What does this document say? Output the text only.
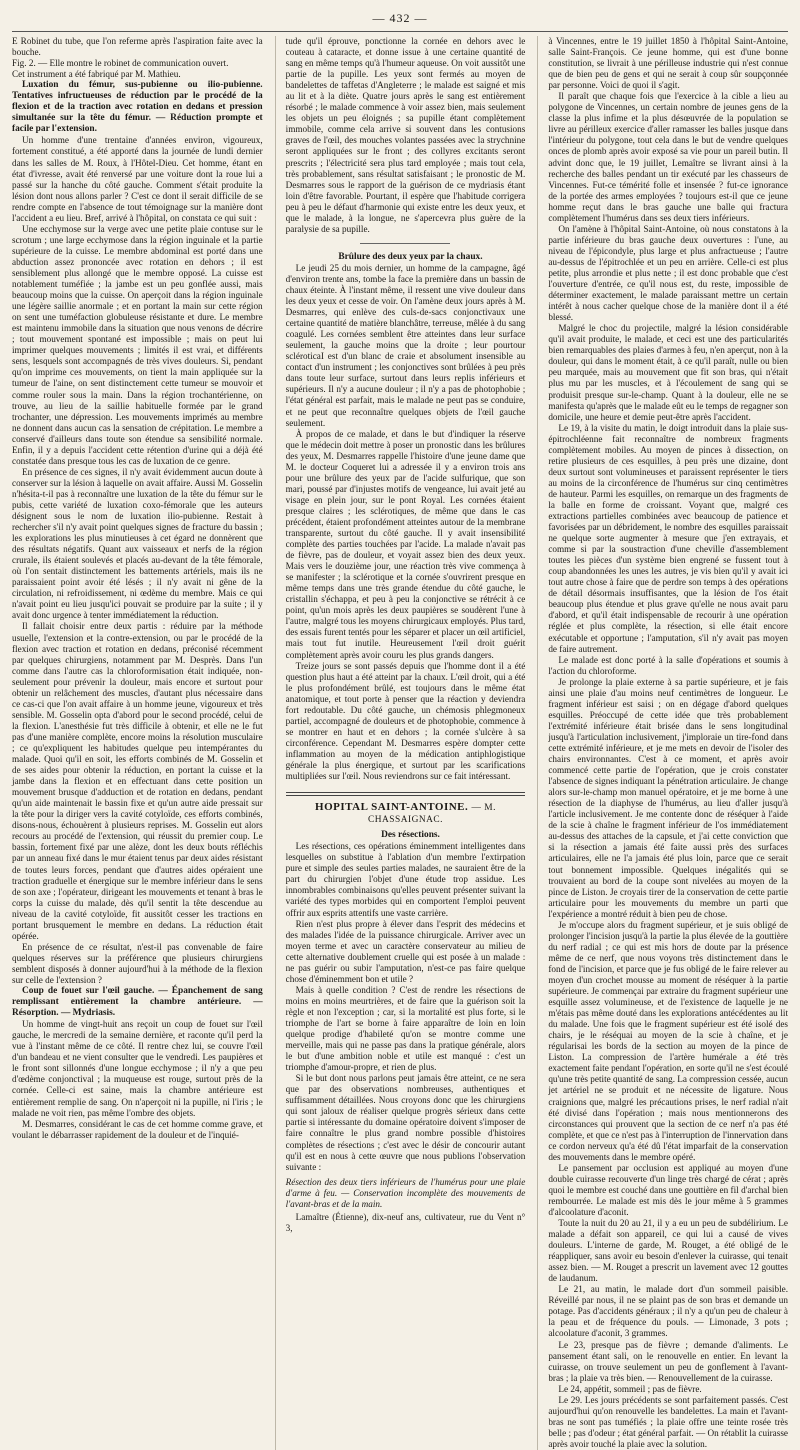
— 432 —

E Robinet du tube, que l'on referme après l'aspiration faite avec la bouche.

Fig. 2. — Elle montre le robinet de communication ouvert.

Cet instrument a été fabriqué par M. Mathieu.

Luxation du fémur, sus-pubienne ou ilio-pubienne. Tentatives infructueuses de réduction par le procédé de la flexion et de la traction avec rotation en dedans et pression simultanée sur la tête du fémur. — Réduction prompte et facile par l'extension.

Un homme d'une trentaine d'années environ, vigoureux, fortement constitué, a été apporté dans la journée de lundi dernier dans les salles de M. Roux, à l'Hôtel-Dieu. Cet homme, étant en état d'ivresse, avait été renversé par une voiture dont la roue lui a passé sur la hanche du côté gauche. Comment s'était produite la lésion dont nous allons parler ? C'est ce dont il serait difficile de se rendre compte en l'absence de tout témoignage sur la manière dont l'accident a eu lieu. Bref, arrivé à l'hôpital, on constata ce qui suit :

Une ecchymose sur la verge avec une petite plaie contuse sur le scrotum ; une large ecchymose dans la région inguinale et la partie supérieure de la cuisse. Le membre abdominal est porté dans une abduction assez prononcée avec rotation en dehors ; il est sensiblement plus allongé que le membre opposé. La cuisse est notablement tuméfiée ; la jambe est un peu gonflée aussi, mais beaucoup moins que la cuisse. On aperçoit dans la région inguinale une légère saillie anormale ; et en portant la main sur cette région on sent une tuméfaction globuleuse résistante et dure. Le membre est maintenu immobile dans la situation que nous venons de décrire ; tout mouvement spontané est impossible ; mais on peut lui imprimer quelques mouvements ; limités il est vrai, et différents sens, lesquels sont accompagnés de très vives douleurs. Si, pendant qu'on imprime ces mouvements, on tient la main appliquée sur la tumeur de l'aine, on sent distinctement cette tumeur se mouvoir et comme rouler sous la main. Dans la région trochantérienne, on trouve, au lieu de la saillie habituelle formée par le grand trochanter, une dépression. Les mouvements imprimés au membre ne donnent dans aucun cas la sensation de crépitation. Le membre a conservé d'ailleurs dans toute son étendue sa sensibilité normale. Enfin, il y a depuis l'accident cette rétention d'urine qui a déjà été constatée dans presque tous les cas de luxation de ce genre.

En présence de ces signes, il n'y avait évidemment aucun doute à conserver sur la lésion à laquelle on avait affaire. Aussi M. Gosselin n'hésita-t-il pas à reconnaître une luxation de la tête du fémur sur le pubis, cette variété de luxation coxo-fémorale que les auteurs désignent sous le nom de luxation ilio-pubienne. Restait à rechercher s'il n'y avait point quelques signes de fracture du bassin ; les explorations les plus minutieuses à cet égard ne donnèrent que des résultats négatifs. Quant aux vaisseaux et nerfs de la région crurale, ils étaient soulevés et placés au-devant de la tête fémorale, où l'on sentait distinctement les battements artériels, mais ils ne paraissaient point avoir été lésés ; il n'y avait ni gêne de la circulation, ni refroidissement, ni œdème du membre. Mais ce qui n'avait point eu lieu jusqu'ici pouvait se produire par la suite ; il y avait donc urgence à tenter immédiatement la réduction.

Il fallait choisir entre deux partis : réduire par la méthode usuelle, l'extension et la contre-extension, ou par le procédé de la flexion avec traction et rotation en dedans, préconisé récemment par quelques chirurgiens, notamment par M. Desprès. Dans l'un comme dans l'autre cas la chloroformisation était indiquée, non-seulement pour prévenir la douleur, mais encore et surtout pour obtenir un relâchement des muscles, d'autant plus nécessaire dans ce cas-ci que l'on avait affaire à un homme jeune, vigoureux et très sensible. M. Gosselin opta d'abord pour le second procédé, celui de la flexion. L'anesthésie fut très difficile à obtenir, et elle ne le fut pas d'une manière complète, encore moins la résolution musculaire ; ce qu'expliquent les habitudes quelque peu intempérantes du malade. Quoi qu'il en soit, les efforts combinés de M. Gosselin et de ses aides pour obtenir la réduction, en portant la cuisse et la jambe dans la flexion et en effectuant dans cette position un mouvement brusque d'adduction et de rotation en dedans, pendant qu'un aide maintenait le bassin fixe et qu'un autre aide pressait sur la tête pour la diriger vers la cavité cotyloïde, ces efforts combinés, disons-nous, échouèrent à plusieurs reprises. M. Gosselin eut alors recours au procédé de l'extension, qui réussit du premier coup. Le bassin, fortement fixé par une alèze, dont les deux bouts réfléchis par un anneau fixé dans le mur étaient tenus par deux aides résistant de toutes leurs forces, pendant que d'autres aides opéraient une traction graduelle et énergique sur le membre inférieur dans le sens de son axe ; l'opérateur, dirigeant les mouvements et tenant à bras le corps la cuisse du malade, dès qu'il sentit la tête descendue au niveau de la cavité cotyloïde, fit aussitôt cesser les tractions en portant brusquement le membre en dedans. La réduction était opérée.

En présence de ce résultat, n'est-il pas convenable de faire quelques réserves sur la préférence que plusieurs chirurgiens semblent disposés à donner aujourd'hui à la méthode de la flexion sur celle de l'extension ?

Coup de fouet sur l'œil gauche. — Épanchement de sang remplissant entièrement la chambre antérieure. — Résorption. — Mydriasis.

Un homme de vingt-huit ans reçoit un coup de fouet sur l'œil gauche, le mercredi de la semaine dernière, et raconte qu'il perd la vue à l'instant même de ce côté. Il rentre chez lui, se couvre l'œil d'un bandeau et ne vient consulter que le vendredi. Les paupières et le front sont sillonnés d'une longue ecchymose ; il n'y a que peu d'œdème conjonctival ; la muqueuse est rouge, surtout près de la cornée. Celle-ci est saine, mais la chambre antérieure est entièrement remplie de sang. On n'aperçoit ni la pupille, ni l'iris ; le malade ne voit rien, pas même l'ombre des objets.

M. Desmarres, considérant le cas de cet homme comme grave, et voulant le débarrasser rapidement de la douleur et de l'inquié-

tude qu'il éprouve, ponctionne la cornée en dehors avec le couteau à cataracte, et donne issue à une certaine quantité de sang en même temps qu'à l'humeur aqueuse. On voit aussitôt une partie de la pupille. Les yeux sont fermés au moyen de bandelettes de taffetas d'Angleterre ; le malade est saigné et mis au lit et à la diète. Quatre jours après le sang est entièrement résorbé ; le malade commence à voir assez bien, mais seulement les objets un peu éloignés ; sa pupille étant complètement immobile, comme cela arrive si souvent dans les contusions graves de l'œil, des mouches volantes passées avec la strychnine seront appliquées sur le front ; des collyres excitants seront prescrits ; l'électricité sera plus tard employée ; mais tout cela, très probablement, sans résultat satisfaisant ; le pronostic de M. Desmarres sous le rapport de la guérison de ce mydriasis étant loin d'être favorable. Pourtant, il espère que l'habitude corrigera peu à peu le défaut d'harmonie qui existe entre les deux yeux, et que le malade, à la longue, ne s'apercevra plus guère de la paralysie de sa pupille.

Brûlure des deux yeux par la chaux.

Le jeudi 25 du mois dernier, un homme de la campagne, âgé d'environ trente ans, tombe la face la première dans un bassin de chaux éteinte. À l'instant même, il ressent une vive douleur dans les deux yeux et cesse de voir. On l'amène deux jours après à M. Desmarres, qui enlève des culs-de-sacs conjonctivaux une certaine quantité de matière blanchâtre, terreuse, mêlée à du sang coagulé. Les cornées semblent être atteintes dans leur surface seulement, la gauche moins que la droite ; leur pourtour scléroticaI est d'un blanc de craie et absolument insensible au contact d'un instrument ; les conjonctives sont brûlées à peu près dans toute leur surface, surtout dans leurs replis inférieurs et supérieurs. Il n'y a aucune douleur ; il n'y a pas de photophobie ; l'état général est parfait, mais le malade ne peut pas se conduire, et ne peut que reconnaître quelques objets de l'œil gauche seulement.

À propos de ce malade, et dans le but d'indiquer la réserve que le médecin doit mettre à poser un pronostic dans les brûlures des yeux, M. Desmarres rappelle l'histoire d'une jeune dame que M. le docteur Coqueret lui a adressée il y a environ trois ans pour une brûlure des yeux par de l'acide sulfurique, que son mari, poussé par d'injustes motifs de vengeance, lui avait jeté au visage en plein jour, sur le pont Royal. Les cornées étaient presque claires ; les sclérotiques, de même que dans le cas précédent, étaient profondément atteintes autour de la membrane transparente, surtout du côté gauche. Il y avait insensibilité complète des parties touchées par l'acide. La malade n'avait pas de fièvre, pas de douleur, et voyait assez bien des deux yeux. Mais vers le douzième jour, une réaction très vive commença à se manifester ; la sclérotique et la cornée s'ouvrirent presque en même temps dans une très grande étendue du côté gauche, le cristallin s'échappa, et peu à peu la conjonctive se rétrécit à ce point, qu'un mois après les deux paupières se soudèrent l'une à l'autre, malgré tous les moyens chirurgicaux employés. Plus tard, des essais furent tentés pour les séparer et placer un œil artificiel, mais tout fut inutile. Heureusement l'œil droit guérit complètement après avoir couru les plus grands dangers.

Treize jours se sont passés depuis que l'homme dont il a été question plus haut a été atteint par la chaux. L'œil droit, qui a été le plus profondément brûlé, est toujours dans le même état anatomique, et tout porte à penser que la réaction y deviendra fort redoutable. Du côté gauche, un chémosis phlegmoneux partiel, accompagné de douleurs et de photophobie, commence à se montrer en haut et en dehors ; la cornée s'ulcère à sa circonférence. Cependant M. Desmarres espère dompter cette inflammation au moyen de la médication antiphlogistique générale la plus énergique, et surtout par les scarifications multipliées sur l'œil. Nous reviendrons sur ce fait intéressant.

HOPITAL SAINT-ANTOINE. — M. CHASSAIGNAC.

Des résections.

Les résections, ces opérations éminemment intelligentes dans lesquelles on substitue à l'ablation d'un membre l'extirpation pure et simple des seules parties malades, ne sauraient être de la part du chirurgien l'objet d'une étude trop assidue. Les innombrables combinaisons qu'elles peuvent présenter suivant la variété des types morbides qui en comportent l'emploi peuvent offrir aux esprits attentifs une vaste carrière.

Rien n'est plus propre à élever dans l'esprit des médecins et des malades l'idée de la puissance chirurgicale. Arriver avec un moyen terme et avec un caractère conservateur au milieu de cette alternative doublement cruelle qui est posée à un malade : ne pas guérir ou subir l'amputation, n'est-ce pas faire quelque chose d'éminemment bon et utile ?

Mais à quelle condition ? C'est de rendre les résections de moins en moins meurtrières, et de faire que la guérison soit la règle et non l'exception ; car, si la mortalité est plus forte, si le triomphe de l'art se borne à faire apparaître de loin en loin quelque prodige d'habileté qu'on se montre comme une merveille, mais qui ne passe pas dans la pratique générale, alors le but d'une ambition noble et utile est manqué : c'est un triomphe d'amour-propre, et rien de plus.

Si le but dont nous parlons peut jamais être atteint, ce ne sera que par des observations nombreuses, authentiques et suffisamment détaillées. Nous croyons donc que les chirurgiens qui sont jaloux de réaliser quelque progrès sérieux dans cette partie si intéressante du domaine opératoire doivent s'imposer de faire connaître le plus grand nombre possible d'histoires complètes de résections ; c'est avec le désir de concourir autant qu'il est en nous à cette œuvre que nous publions l'observation suivante :

Résection des deux tiers inférieurs de l'humérus pour une plaie d'arme à feu. — Conservation incomplète des mouvements de l'avant-bras et de la main.

Lamaître (Étienne), dix-neuf ans, cultivateur, rue du Vent n° 3,

à Vincennes, entre le 19 juillet 1850 à l'hôpital Saint-Antoine, salle Saint-François. Ce jeune homme, qui est d'une bonne constitution, se livrait à une périlleuse industrie qui n'est connue que de bien peu de gens et qui ne serait à coup sûr soupçonnée par personne. Voici de quoi il s'agit.

Il paraît que chaque fois que l'exercice à la cible a lieu au polygone de Vincennes, un certain nombre de jeunes gens de la classe la plus infime et la plus désœuvrée de la population se livre au périlleux exercice d'aller ramasser les balles jusque dans l'intérieur du polygone, tout cela dans le but de vendre quelques onces de plomb après avoir exposé sa vie pour un pareil butin. Il advint donc que, le 19 juillet, Lemaître se livrant ainsi à la recherche des balles pendant un tir exécuté par les chasseurs de Vincennes. Fut-ce témérité folle et insensée ? fut-ce ignorance de la portée des armes employées ? toujours est-il que ce jeune homme reçut dans le bras gauche une balle qui fractura complètement l'humérus dans ses deux tiers inférieurs.

On l'amène à l'hôpital Saint-Antoine, où nous constatons à la partie inférieure du bras gauche deux ouvertures : l'une, au niveau de l'épicondyle, plus large et plus anfractueuse ; l'autre au-dessus de l'épitrochlée et un peu en arrière. Celle-ci est plus petite, plus arrondie et plus nette ; il est donc probable que c'est l'ouverture d'entrée, ce qu'il nous est, du reste, impossible de déterminer exactement, le malade paraissant mettre un certain intérêt à nous cacher quelque chose de la manière dont il a été blessé.

Malgré le choc du projectile, malgré la lésion considérable qu'il avait produite, le malade, et ceci est une des particularités bien remarquables des plaies d'armes à feu, n'en aperçut, non à la douleur, qui dans le moment était, à ce qu'il paraît, nulle ou bien peu marquée, mais au mouvement que fit son bras, qui n'était plus mu par les muscles, et à l'écoulement de sang qui se produisit presque sur-le-champ. Quant à la douleur, elle ne se manifesta qu'après que le malade eût eu le temps de regagner son domicile, une heure et demie peut-être après l'accident.

Le 19, à la visite du matin, le doigt introduit dans la plaie sus-épitrochléenne fait reconnaître de nombreux fragments complètement mobiles. Au moyen de pinces à dissection, on retire plusieurs de ces esquilles, à peu près une dizaine, dont deux surtout sont volumineuses et paraissent représenter le tiers au moins de la circonférence de l'humérus sur cinq centimètres de hauteur. Parmi les esquilles, on remarque un des fragments de la balle en forme de croissant. Voyant que, malgré ces extractions partielles combinées avec beaucoup de patience et favorisées par un débridement, le nombre des esquilles paraissait ne quelque sorte augmenter à mesure que j'en extrayais, et comme si par la soustraction d'une cheville d'assemblement toutes les pièces d'un système bien engrené se fussent tout à coup abandonnées les unes les autres, je vis bien qu'il y avait ici tout autre chose à faire que de perdre son temps à des opérations de détail désormais insuffisantes, que la lésion de l'os était beaucoup plus étendue et plus grave qu'elle ne nous avait paru d'abord, et qu'il était indispensable de recourir à une opération réglée et plus complète, la résection, si elle était encore exécutable et opportune ; l'amputation, s'il n'y avait pas moyen de faire autrement.

Le malade est donc porté à la salle d'opérations et soumis à l'action du chloroforme.

Je prolonge la plaie externe à sa partie supérieure, et je fais ainsi une plaie d'au moins neuf centimètres de longueur. Le fragment inférieur est saisi ; on en dégage d'abord quelques esquilles. Préoccupé de cette idée que très probablement l'extrémité inférieure était brisée dans le sens longitudinal jusqu'à l'articulation inclusivement, j'imploraie un tire-fond dans cette extrémité inférieure, et je me mets en devoir de l'isoler des chairs environnantes. C'est à ce moment, et après avoir commencé cette partie de l'opération, que je crois constater l'absence de signes indiquant la pénétration articulaire. Je change alors sur-le-champ mon manuel opératoire, et je me borne à une résection de la diaphyse de l'humérus, au lieu d'aller jusqu'à l'article inclusivement. Je me contente donc de réséquer à l'aide de la scie à chaîne le fragment inférieur de l'os immédiatement au-dessus des attaches de la capsule, et j'ai cette conviction que si la résection a jamais été faite aussi près des surfaces articulaires, elle ne l'a jamais été plus loin, parce que ce serait tout bonnement impossible. Quelques inégalités qui se trouvaient au bord de la coupe sont nivelées au moyen de la pince de Liston. Je croyais tirer de la conservation de cette partie articulaire pour les mouvements du membre un parti que l'expérience a montré réduit à bien peu de chose.

Je m'occupe alors du fragment supérieur, et je suis obligé de prolonger l'incision jusqu'à la partie la plus élevée de la gouttière du nerf radial ; ce qui est mis hors de doute par la présence même de ce nerf, que nous voyons très distinctement dans le fond de l'incision, et parce que je fus obligé de le faire relever au moyen d'un crochet mousse au moment de réséquer à la partie supérieure. Je commençai par extraire du fragment supérieur une esquille assez volumineuse, et de l'existence de laquelle je ne m'étais pas même douté dans les explorations antécédentes au lit du malade. Une fois que le fragment supérieur est été isolé des chairs, je le réséquai au moyen de la scie à chaîne, et je régularisai les bords de la section au moyen de la pince de Liston. La compression de l'artère humérale a été très exactement faite pendant l'opération, en sorte qu'il ne s'est écoulé qu'une très petite quantité de sang. La compression cessée, aucun jet artériel ne se produit et ne nécessite de ligature. Nous craignions que, malgré les précautions prises, le nerf radial n'ait été divisé dans l'opération ; mais nous mentionnerons des circonstances qui prouvent que la section de ce nerf n'a pas été complète, et que ce n'est pas à l'interruption de l'innervation dans ce cordon nerveux qu'a été dû l'état imparfait de la conservation des mouvements dans le membre opéré.

Le pansement par occlusion est appliqué au moyen d'une double cuirasse recouverte d'un linge très chargé de cérat ; après quoi le membre est couché dans une gouttière en fil d'archal bien rembourrée. Le malade est mis dès le jour même à 5 grammes d'alcoolature d'aconit.

Toute la nuit du 20 au 21, il y a eu un peu de subdélirium. Le malade a défait son appareil, ce qui lui a causé de vives douleurs. L'interne de garde, M. Rouget, a été obligé de le réappliquer, sans avoir eu besoin d'enlever la cuirasse, qui tenait assez bien. — M. Rouget a prescrit un lavement avec 12 gouttes de laudanum.

Le 21, au matin, le malade dort d'un sommeil paisible. Réveillé par nous, il ne se plaint pas de son bras et demande un potage. Pas d'accidents généraux ; il n'y a qu'un peu de chaleur à la peau et de fréquence du pouls. — Limonade, 3 pots ; alcoolature d'aconit, 3 grammes.

Le 23, presque pas de fièvre ; demande d'aliments. Le pansement étant sali, on le renouvelle en entier. En levant la cuirasse, on trouve seulement un peu de gonflement à l'avant-bras ; la plaie va très bien. — Renouvellement de la cuirasse.

Le 24, appétit, sommeil ; pas de fièvre.

Le 29. Les jours précédents se sont parfaitement passés. C'est aujourd'hui qu'on renouvelle les bandelettes. La main et l'avant-bras ne sont pas tuméfiés ; la plaie offre une teinte rosée très belle ; pas d'odeur ; état général parfait. — On rétablit la cuirasse après avoir touché la plaie avec la solution.
